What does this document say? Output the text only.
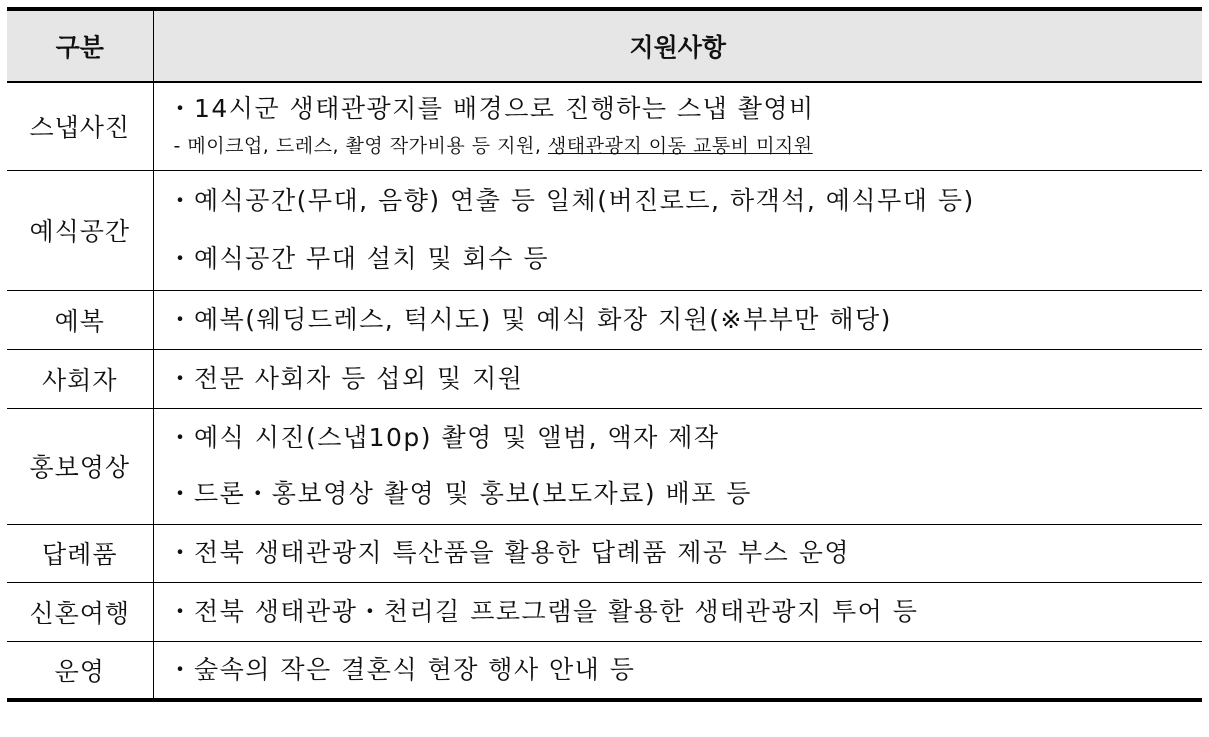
구분	지원사항
스냅사진	・14시군 생태관광지를 배경으로 진행하는 스냅 촬영비
- 메이크업, 드레스, 촬영 작가비용 등 지원, 생태관광지 이동 교통비 미지원

예식공간	・예식공간(무대, 음향) 연출 등 일체(버진로드, 하객석, 예식무대 등)
・예식공간 무대 설치 및 회수 등

예복	・예복(웨딩드레스, 턱시도) 및 예식 화장 지원(※부부만 해당)

사회자	・전문 사회자 등 섭외 및 지원

홍보영상	・예식 시진(스냅10p) 촬영 및 앨범, 액자 제작
・드론・홍보영상 촬영 및 홍보(보도자료) 배포 등

답례품	・전북 생태관광지 특산품을 활용한 답례품 제공 부스 운영

신혼여행	・전북 생태관광・천리길 프로그램을 활용한 생태관광지 투어 등

운영	・숲속의 작은 결혼식 현장 행사 안내 등
